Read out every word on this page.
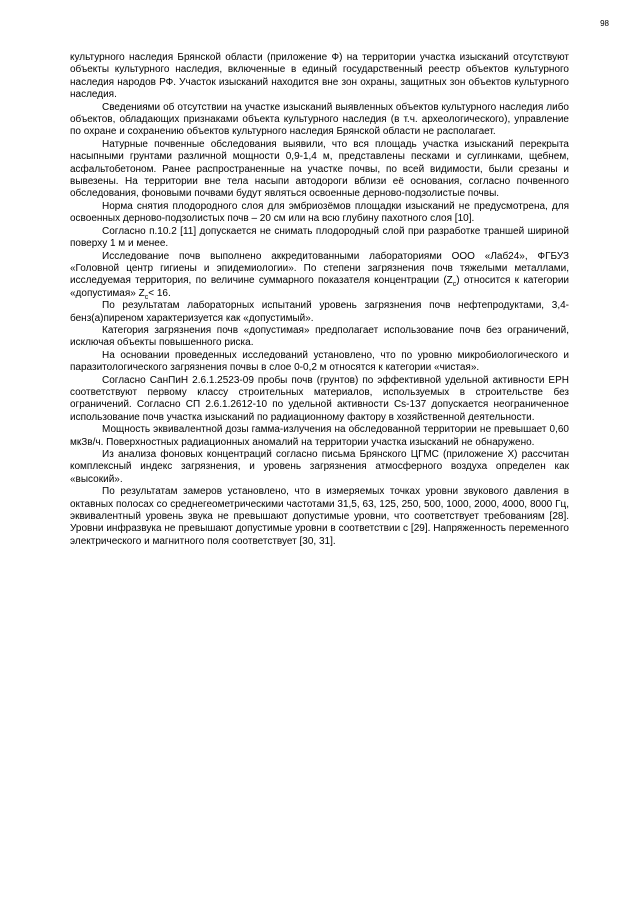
98

культурного наследия Брянской области (приложение Ф) на территории участка изысканий отсутствуют объекты культурного наследия, включенные в единый государственный реестр объектов культурного наследия народов РФ. Участок изысканий находится вне зон охраны, защитных зон объектов культурного наследия.

Сведениями об отсутствии на участке изысканий выявленных объектов культурного наследия либо объектов, обладающих признаками объекта культурного наследия (в т.ч. археологического), управление по охране и сохранению объектов культурного наследия Брянской области не располагает.

Натурные почвенные обследования выявили, что вся площадь участка изысканий перекрыта насыпными грунтами различной мощности 0,9-1,4 м, представлены песками и суглинками, щебнем, асфальтобетоном. Ранее распространенные на участке почвы, по всей видимости, были срезаны и вывезены. На территории вне тела насыпи автодороги вблизи её основания, согласно почвенного обследования, фоновыми почвами будут являться освоенные дерново-подзолистые почвы.

Норма снятия плодородного слоя для эмбриозёмов площадки изысканий не предусмотрена, для освоенных дерново-подзолистых почв – 20 см или на всю глубину пахотного слоя [10].

Согласно п.10.2 [11] допускается не снимать плодородный слой при разработке траншей шириной поверху 1 м и менее.

Исследование почв выполнено аккредитованными лабораториями ООО «Лаб24», ФГБУЗ «Головной центр гигиены и эпидемиологии». По степени загрязнения почв тяжелыми металлами, исследуемая территория, по величине суммарного показателя концентрации $(Z_с)$ относится к категории «допустимая» $Z_с< 16$.

По результатам лабораторных испытаний уровень загрязнения почв нефтепродуктами, 3,4-бенз(а)пиреном характеризуется как «допустимый».

Категория загрязнения почв «допустимая» предполагает использование почв без ограничений, исключая объекты повышенного риска.

На основании проведенных исследований установлено, что по уровню микробиологического и паразитологического загрязнения почвы в слое 0-0,2 м относятся к категории «чистая».

Согласно СанПиН 2.6.1.2523-09 пробы почв (грунтов) по эффективной удельной активности ЕРН соответствуют первому классу строительных материалов, используемых в строительстве без ограничений. Согласно СП 2.6.1.2612-10 по удельной активности Cs-137 допускается неограниченное использование почв участка изысканий по радиационному фактору в хозяйственной деятельности.

Мощность эквивалентной дозы гамма-излучения на обследованной территории не превышает 0,60 мкЗв/ч. Поверхностных радиационных аномалий на территории участка изысканий не обнаружено.

Из анализа фоновых концентраций согласно письма Брянского ЦГМС (приложение Х) рассчитан комплексный индекс загрязнения, и уровень загрязнения атмосферного воздуха определен как «высокий».

По результатам замеров установлено, что в измеряемых точках уровни звукового давления в октавных полосах со среднегеометрическими частотами 31,5, 63, 125, 250, 500, 1000, 2000, 4000, 8000 Гц, эквивалентный уровень звука не превышают допустимые уровни, что соответствует требованиям [28]. Уровни инфразвука не превышают допустимые уровни в соответствии с [29]. Напряженность переменного электрического и магнитного поля соответствует [30, 31].
